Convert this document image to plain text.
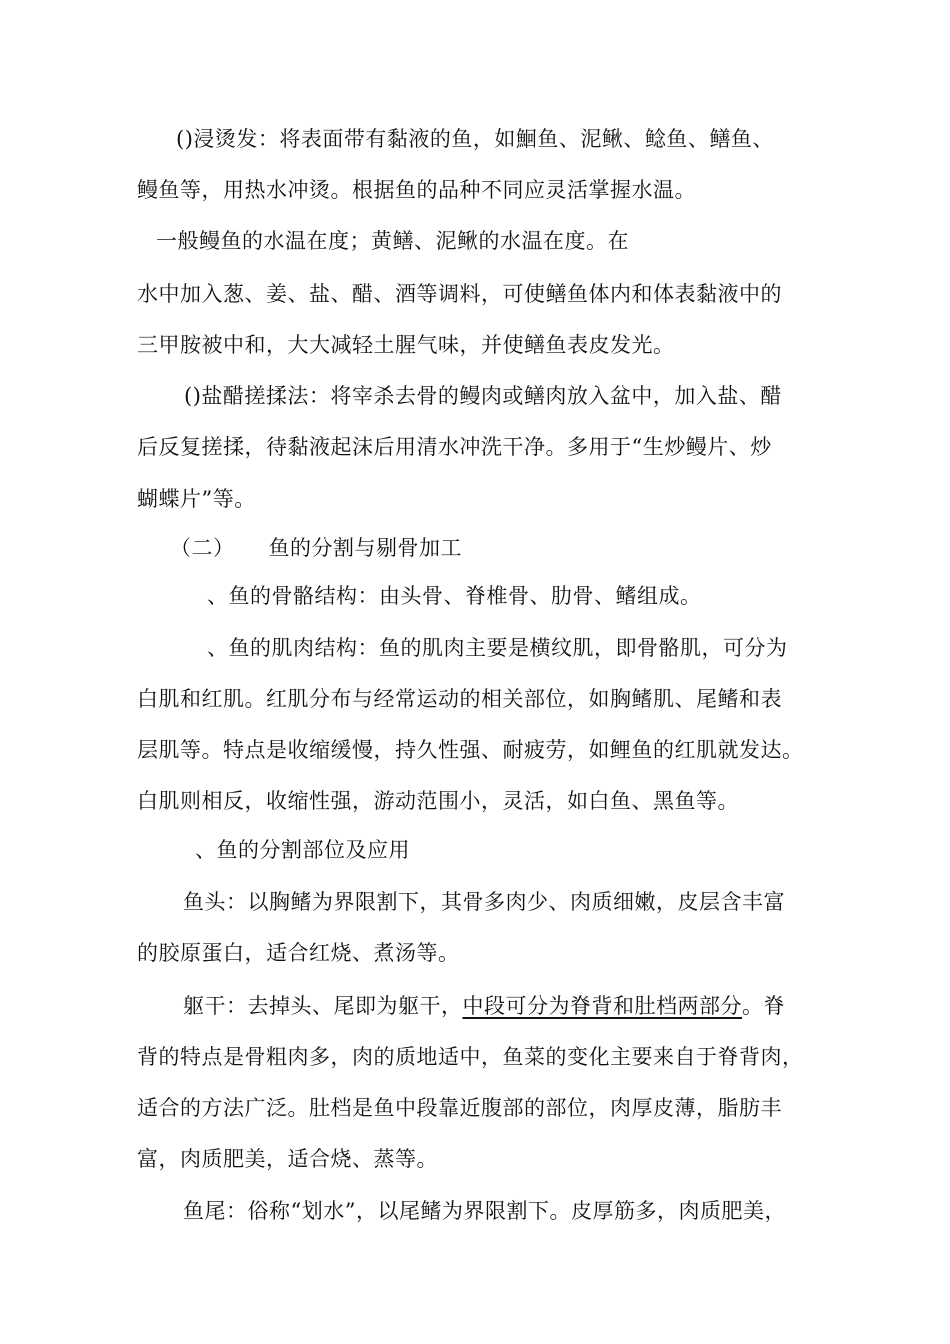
()浸烫发：将表面带有黏液的鱼，如鮰鱼、泥鳅、鲶鱼、鳝鱼、

鳗鱼等，用热水冲烫。根据鱼的品种不同应灵活掌握水温。

一般鳗鱼的水温在度；黄鳝、泥鳅的水温在度。在

水中加入葱、姜、盐、醋、酒等调料，可使鳝鱼体内和体表黏液中的

三甲胺被中和，大大减轻土腥气味，并使鳝鱼表皮发光。

()盐醋搓揉法：将宰杀去骨的鳗肉或鳝肉放入盆中，加入盐、醋

后反复搓揉，待黏液起沫后用清水冲洗干净。多用于“生炒鳗片、炒

蝴蝶片”等。

（二） 鱼的分割与剔骨加工

、鱼的骨骼结构：由头骨、脊椎骨、肋骨、鳍组成。

、鱼的肌肉结构：鱼的肌肉主要是横纹肌，即骨骼肌，可分为

白肌和红肌。红肌分布与经常运动的相关部位，如胸鳍肌、尾鳍和表

层肌等。特点是收缩缓慢，持久性强、耐疲劳，如鲤鱼的红肌就发达。

白肌则相反，收缩性强，游动范围小，灵活，如白鱼、黑鱼等。

、鱼的分割部位及应用

鱼头：以胸鳍为界限割下，其骨多肉少、肉质细嫩，皮层含丰富

的胶原蛋白，适合红烧、煮汤等。

躯干：去掉头、尾即为躯干，中段可分为脊背和肚档两部分。脊

背的特点是骨粗肉多，肉的质地适中，鱼菜的变化主要来自于脊背肉，

适合的方法广泛。肚档是鱼中段靠近腹部的部位，肉厚皮薄，脂肪丰

富，肉质肥美，适合烧、蒸等。

鱼尾：俗称“划水”，以尾鳍为界限割下。皮厚筋多，肉质肥美，
